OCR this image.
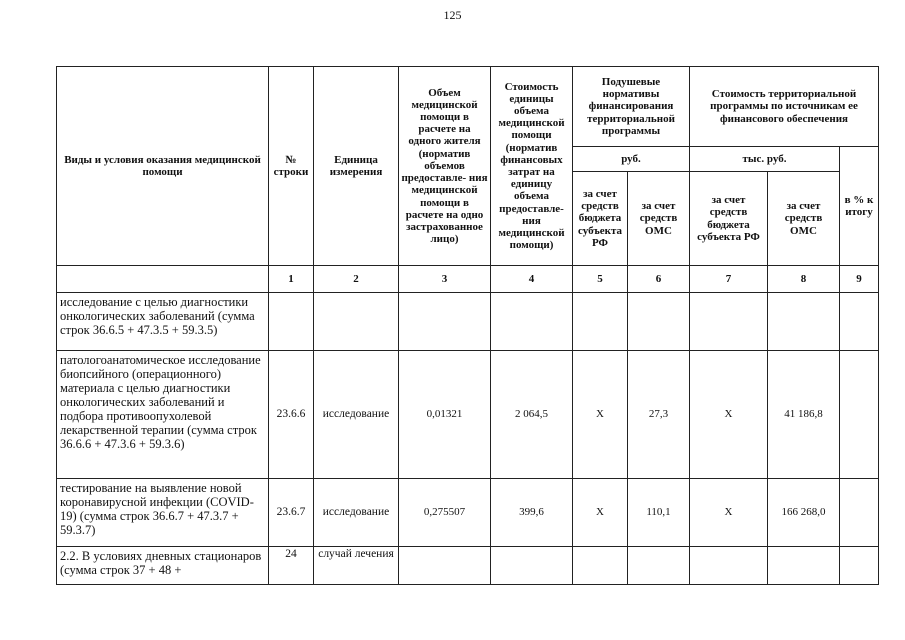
125
Виды и условия оказания медицинской помощи	№ строки	Единица измерения	Объем медицинской помощи в расчете на одного жителя (норматив объемов предоставле- ния медицинской помощи в расчете на одно застрахованное лицо)	Стоимость единицы объема медицинской помощи (норматив финансовых затрат на единицу объема предоставле- ния медицинской помощи)	Подушевые нормативы финансирования территориальной программы		Стоимость территориальной программы по источникам ее финансового обеспечения		
					руб.		тыс. руб.		в % к итогу
					за счет средств бюджета субъекта РФ	за счет средств ОМС	за счет средств бюджета субъекта РФ	за счет средств ОМС	
	1	2	3	4	5	6	7	8	9
исследование с целью диагностики онкологических заболеваний (сумма строк 36.6.5 + 47.3.5 + 59.3.5)									
патологоанатомическое исследование биопсийного (операционного) материала с целью диагностики онкологических заболеваний и подбора противоопухолевой лекарственной терапии (сумма строк 36.6.6 + 47.3.6 + 59.3.6)	23.6.6	исследование	0,01321	2 064,5	Х	27,3	Х	41 186,8	
тестирование на выявление новой коронавирусной инфекции (COVID-19) (сумма строк 36.6.7 + 47.3.7 + 59.3.7)	23.6.7	исследование	0,275507	399,6	Х	110,1	Х	166 268,0	
2.2. В условиях дневных стационаров (сумма строк 37 + 48 +	24	случай лечения							
